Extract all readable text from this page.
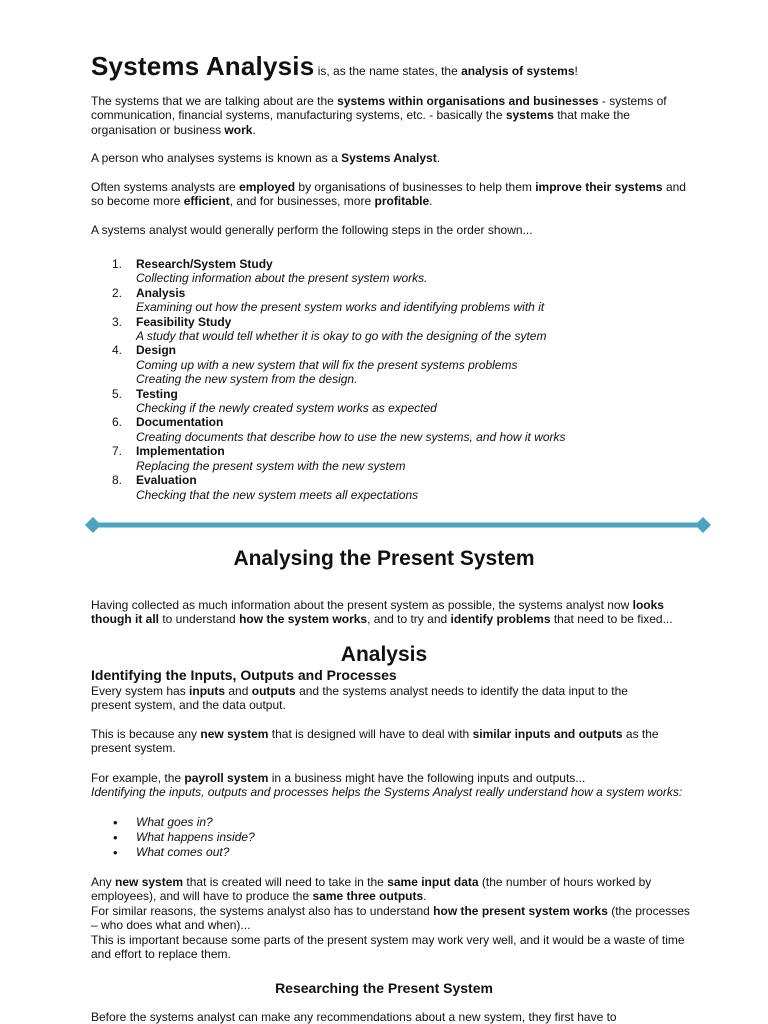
Systems Analysis is, as the name states, the analysis of systems!

The systems that we are talking about are the systems within organisations and businesses - systems of communication, financial systems, manufacturing systems, etc. - basically the systems that make the organisation or business work.

A person who analyses systems is known as a Systems Analyst.

Often systems analysts are employed by organisations of businesses to help them improve their systems and so become more efficient, and for businesses, more profitable.

A systems analyst would generally perform the following steps in the order shown...

1. Research/System Study
Collecting information about the present system works.
2. Analysis
Examining out how the present system works and identifying problems with it
3. Feasibility Study
A study that would tell whether it is okay to go with the designing of the sytem
4. Design
Coming up with a new system that will fix the present systems problems
Creating the new system from the design.
5. Testing
Checking if the newly created system works as expected
6. Documentation
Creating documents that describe how to use the new systems, and how it works
7. Implementation
Replacing the present system with the new system
8. Evaluation
Checking that the new system meets all expectations
Analysing the Present System

Having collected as much information about the present system as possible, the systems analyst now looks though it all to understand how the system works, and to try and identify problems that need to be fixed...

Analysis
Identifying the Inputs, Outputs and Processes

Every system has inputs and outputs and the systems analyst needs to identify the data input to the present system, and the data output.

This is because any new system that is designed will have to deal with similar inputs and outputs as the present system.

For example, the payroll system in a business might have the following inputs and outputs...
Identifying the inputs, outputs and processes helps the Systems Analyst really understand how a system works:

• What goes in?
• What happens inside?
• What comes out?

Any new system that is created will need to take in the same input data (the number of hours worked by employees), and will have to produce the same three outputs.
For similar reasons, the systems analyst also has to understand how the present system works (the processes – who does what and when)...
This is important because some parts of the present system may work very well, and it would be a waste of time and effort to replace them.

Researching the Present System

Before the systems analyst can make any recommendations about a new system, they first have to
